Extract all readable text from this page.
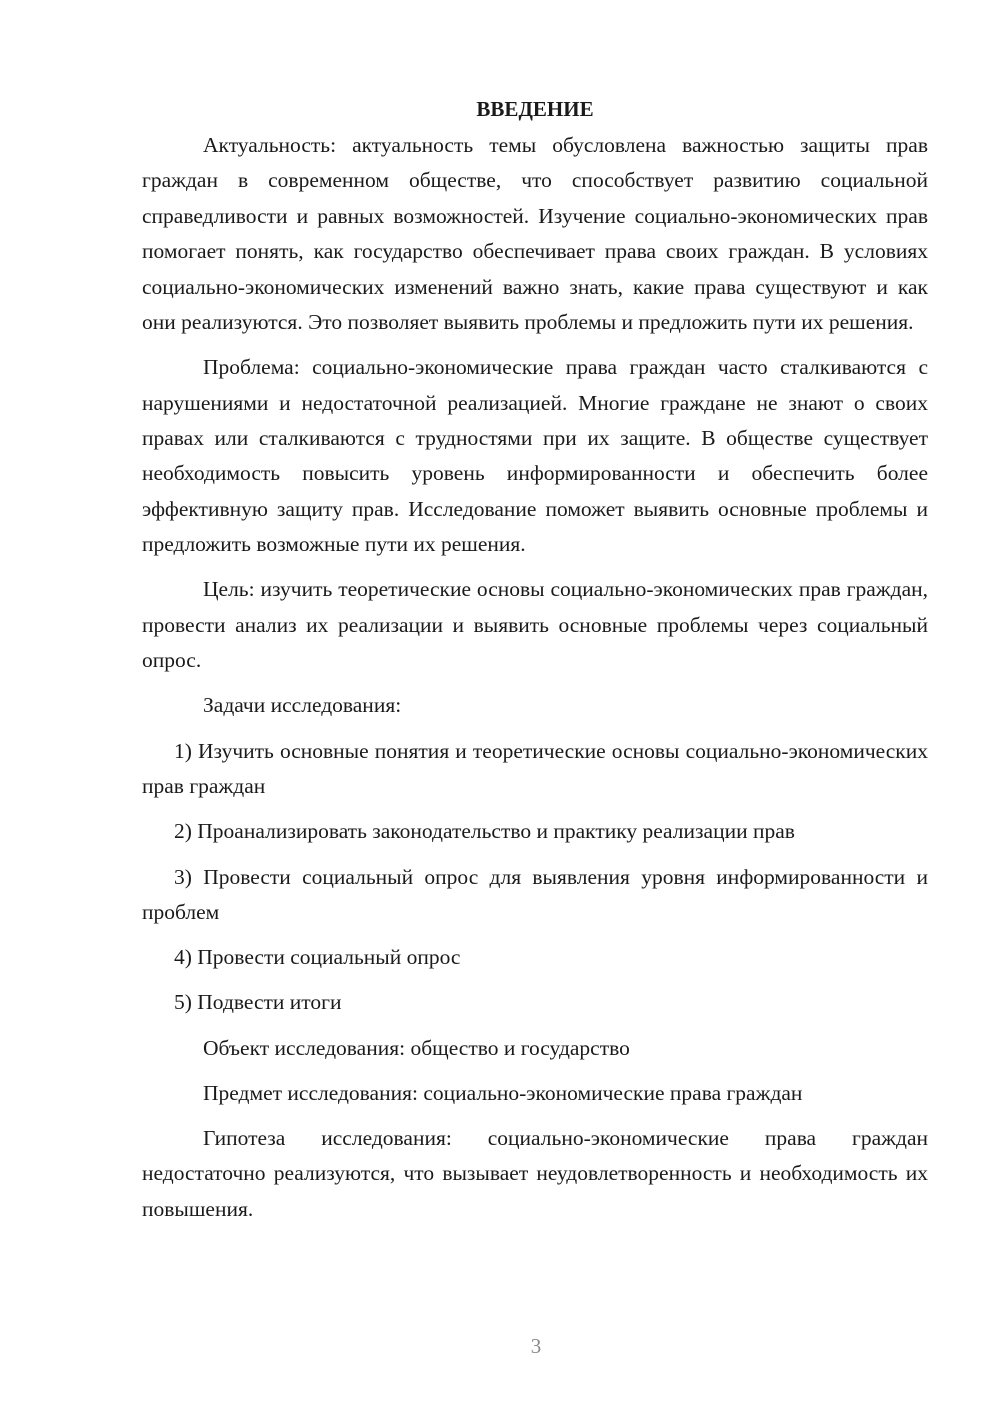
ВВЕДЕНИЕ

Актуальность: актуальность темы обусловлена важностью защиты прав граждан в современном обществе, что способствует развитию социальной справедливости и равных возможностей. Изучение социально-экономических прав помогает понять, как государство обеспечивает права своих граждан. В условиях социально-экономических изменений важно знать, какие права существуют и как они реализуются. Это позволяет выявить проблемы и предложить пути их решения.

Проблема: социально-экономические права граждан часто сталкиваются с нарушениями и недостаточной реализацией. Многие граждане не знают о своих правах или сталкиваются с трудностями при их защите. В обществе существует необходимость повысить уровень информированности и обеспечить более эффективную защиту прав. Исследование поможет выявить основные проблемы и предложить возможные пути их решения.

Цель: изучить теоретические основы социально-экономических прав граждан, провести анализ их реализации и выявить основные проблемы через социальный опрос.

Задачи исследования:

1) Изучить основные понятия и теоретические основы социально-экономических прав граждан

2) Проанализировать законодательство и практику реализации прав

3) Провести социальный опрос для выявления уровня информированности и проблем

4) Провести социальный опрос

5) Подвести итоги

Объект исследования: общество и государство

Предмет исследования: социально-экономические права граждан

Гипотеза исследования: социально-экономические права граждан недостаточно реализуются, что вызывает неудовлетворенность и необходимость их повышения.

3
